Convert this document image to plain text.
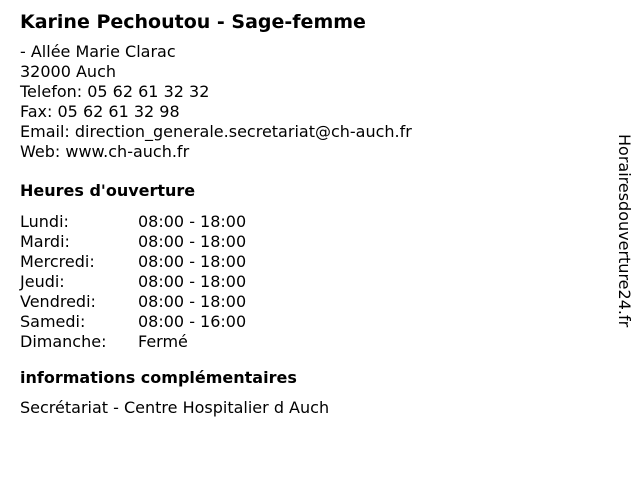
Karine Pechoutou - Sage-femme
- Allée Marie Clarac
32000 Auch
Telefon: 05 62 61 32 32
Fax: 05 62 61 32 98
Email: direction_generale.secretariat@ch-auch.fr
Web: www.ch-auch.fr
Heures d'ouverture
Lundi:	08:00 - 18:00
Mardi:	08:00 - 18:00
Mercredi:	08:00 - 18:00
Jeudi:	08:00 - 18:00
Vendredi:	08:00 - 18:00
Samedi:	08:00 - 16:00
Dimanche:	Fermé
informations complémentaires
Secrétariat - Centre Hospitalier d Auch
Horairesdouverture24.fr
